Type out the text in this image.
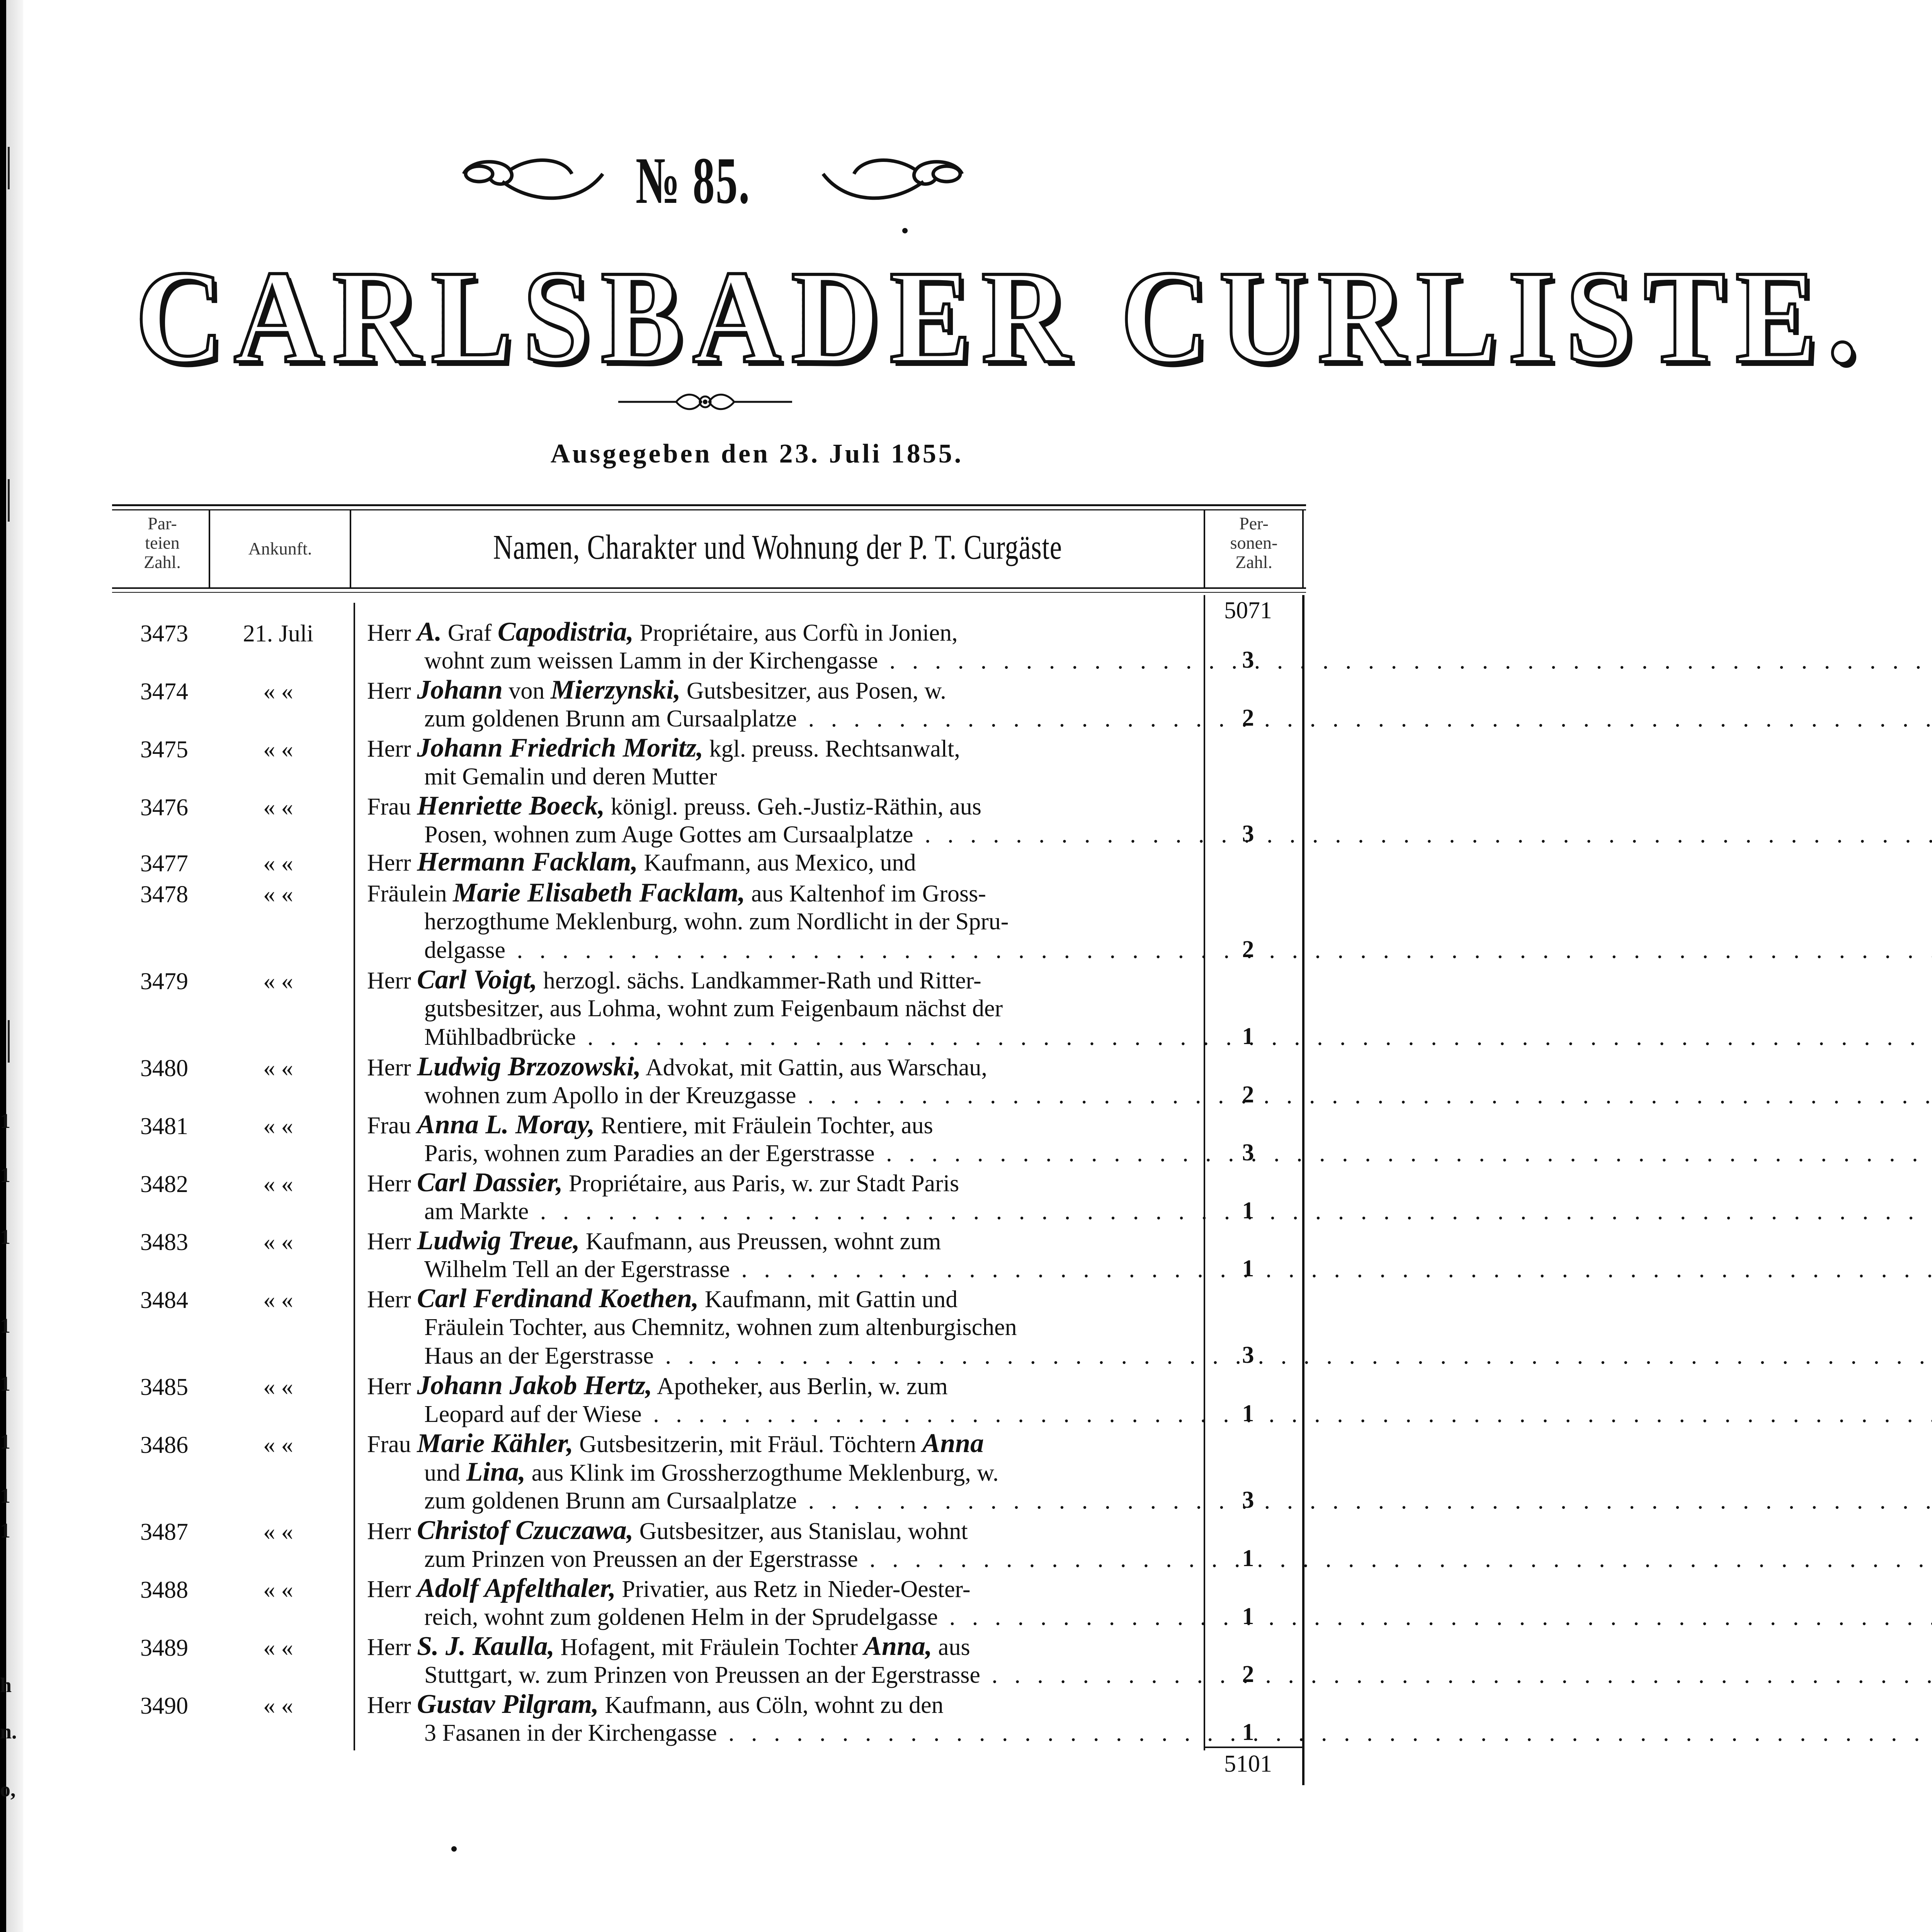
1
1
1
1
1
1
1
1
h
n.
o,
№ 85.
CARLSBADER CURLISTE.
Ausgegeben den 23. Juli 1855.
Par-
teien
Zahl.
Ankunft.	Namen, Charakter und Wohnung der P. T. Curgäste
Per-
sonen-
Zahl.
5071
3473	21. Juli	Herr A. Graf Capodistria, Propriétaire, aus Corfù in Jonien,
wohnt zum weissen Lamm in der Kirchengasse . . .	3
3474	« «	Herr Johann von Mierzynski, Gutsbesitzer, aus Posen, w.
zum goldenen Brunn am Cursaalplatze . . .	2
3475	« «	Herr Johann Friedrich Moritz, kgl. preuss. Rechtsanwalt,
mit Gemalin und deren Mutter
3476	« «	Frau Henriette Boeck, königl. preuss. Geh.-Justiz-Räthin, aus
Posen, wohnen zum Auge Gottes am Cursaalplatze . . .	3
3477	« «	Herr Hermann Facklam, Kaufmann, aus Mexico, und
3478	« «	Fräulein Marie Elisabeth Facklam, aus Kaltenhof im Gross-
herzogthume Meklenburg, wohn. zum Nordlicht in der Spru-
delgasse . . .	2
3479	« «	Herr Carl Voigt, herzogl. sächs. Landkammer-Rath und Ritter-
gutsbesitzer, aus Lohma, wohnt zum Feigenbaum nächst der
Mühlbadbrücke . . .	1
3480	« «	Herr Ludwig Brzozowski, Advokat, mit Gattin, aus Warschau,
wohnen zum Apollo in der Kreuzgasse . . .	2
3481	« «	Frau Anna L. Moray, Rentiere, mit Fräulein Tochter, aus
Paris, wohnen zum Paradies an der Egerstrasse . . .	3
3482	« «	Herr Carl Dassier, Propriétaire, aus Paris, w. zur Stadt Paris
am Markte . . .	1
3483	« «	Herr Ludwig Treue, Kaufmann, aus Preussen, wohnt zum
Wilhelm Tell an der Egerstrasse . . .	1
3484	« «	Herr Carl Ferdinand Koethen, Kaufmann, mit Gattin und
Fräulein Tochter, aus Chemnitz, wohnen zum altenburgischen
Haus an der Egerstrasse . . .	3
3485	« «	Herr Johann Jakob Hertz, Apotheker, aus Berlin, w. zum
Leopard auf der Wiese . . .	1
3486	« «	Frau Marie Kähler, Gutsbesitzerin, mit Fräul. Töchtern Anna
und Lina, aus Klink im Grossherzogthume Meklenburg, w.
zum goldenen Brunn am Cursaalplatze . . .	3
3487	« «	Herr Christof Czuczawa, Gutsbesitzer, aus Stanislau, wohnt
zum Prinzen von Preussen an der Egerstrasse . . .	1
3488	« «	Herr Adolf Apfelthaler, Privatier, aus Retz in Nieder-Oester-
reich, wohnt zum goldenen Helm in der Sprudelgasse . . .	1
3489	« «	Herr S. J. Kaulla, Hofagent, mit Fräulein Tochter Anna, aus
Stuttgart, w. zum Prinzen von Preussen an der Egerstrasse . . .	2
3490	« «	Herr Gustav Pilgram, Kaufmann, aus Cöln, wohnt zu den
3 Fasanen in der Kirchengasse . . .	1
5101
